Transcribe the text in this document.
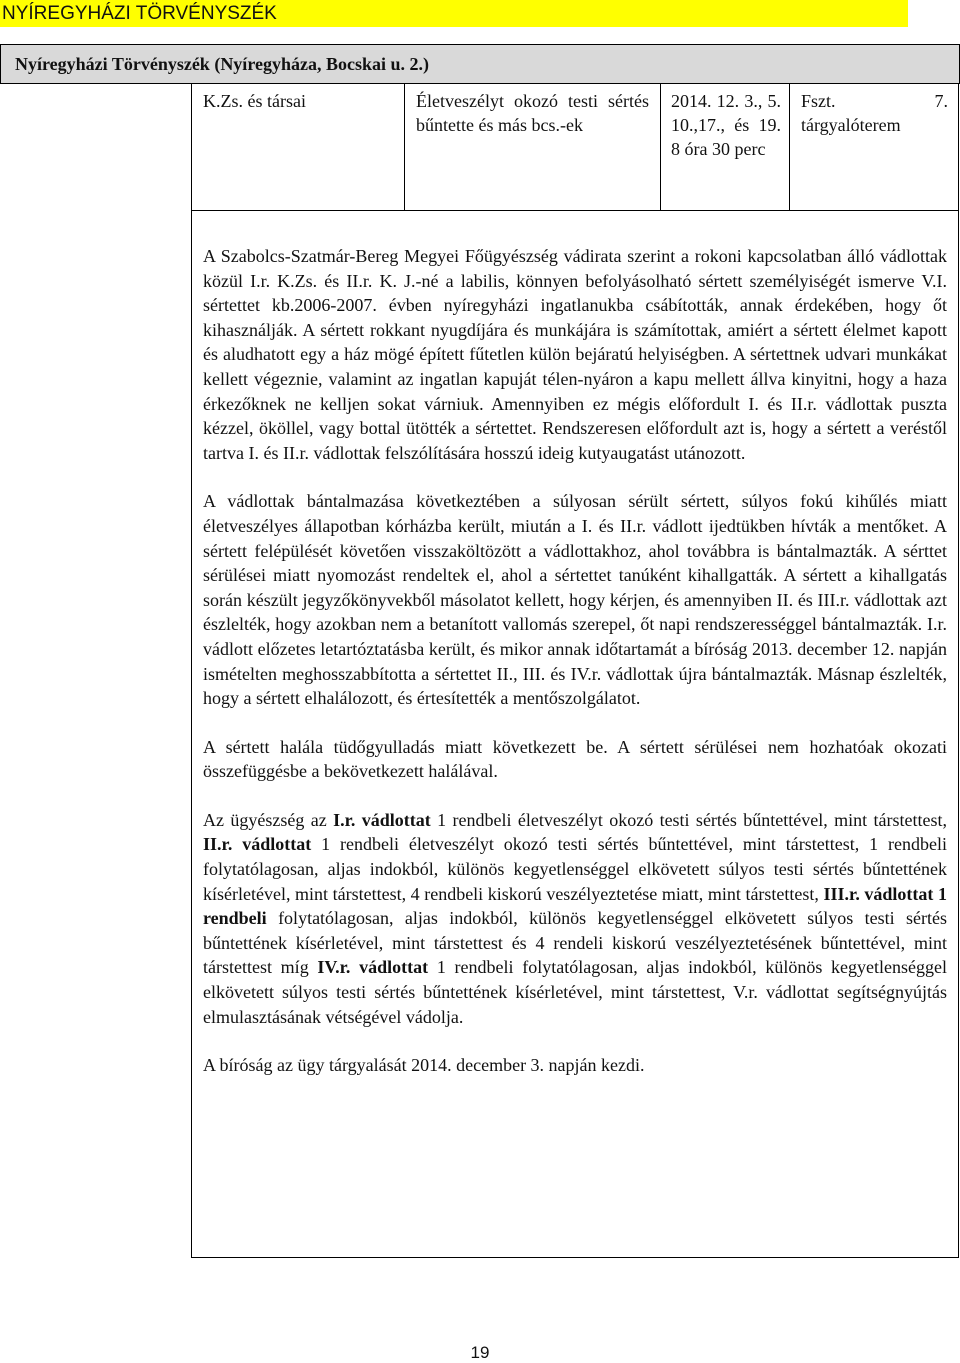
NYÍREGYHÁZI TÖRVÉNYSZÉK
Nyíregyházi Törvényszék (Nyíregyháza, Bocskai u. 2.)
K.Zs. és társai	Életveszélyt okozó testi sértés bűntette és más bcs.-ek
2014. 12. 3., 5. 10.,17., és 19. 8 óra 30 perc
Fszt.	7.
tárgyalóterem

A Szabolcs-Szatmár-Bereg Megyei Főügyészség vádirata szerint a rokoni kapcsolatban álló vádlottak közül I.r. K.Zs. és II.r. K. J.-né a labilis, könnyen befolyásolható sértett személyiségét ismerve V.I. sértettet kb.2006-2007. évben nyíregyházi ingatlanukba csábították, annak érdekében, hogy őt kihasználják. A sértett rokkant nyugdíjára és munkájára is számítottak, amiért a sértett élelmet kapott és aludhatott egy a ház mögé épített fűtetlen külön bejáratú helyiségben. A sértettnek udvari munkákat kellett végeznie, valamint az ingatlan kapuját télen-nyáron a kapu mellett állva kinyitni, hogy a haza érkezőknek ne kelljen sokat várniuk. Amennyiben ez mégis előfordult I. és II.r. vádlottak puszta kézzel, ököllel, vagy bottal ütötték a sértettet. Rendszeresen előfordult azt is, hogy a sértett a veréstől tartva I. és II.r. vádlottak felszólítására hosszú ideig kutyaugatást utánozott.

A vádlottak bántalmazása következtében a súlyosan sérült sértett, súlyos fokú kihűlés miatt életveszélyes állapotban kórházba került, miután a I. és II.r. vádlott ijedtükben hívták a mentőket. A sértett felépülését követően visszaköltözött a vádlottakhoz, ahol továbbra is bántalmazták. A sérttet sérülései miatt nyomozást rendeltek el, ahol a sértettet tanúként kihallgatták. A sértett a kihallgatás során készült jegyzőkönyvekből másolatot kellett, hogy kérjen, és amennyiben II. és III.r. vádlottak azt észlelték, hogy azokban nem a betanított vallomás szerepel, őt napi rendszerességgel bántalmazták. I.r. vádlott előzetes letartóztatásba került, és mikor annak időtartamát a bíróság 2013. december 12. napján ismételten meghosszabbította a sértettet II., III. és IV.r. vádlottak újra bántalmazták. Másnap észlelték, hogy a sértett elhalálozott, és értesítették a mentőszolgálatot.

A sértett halála tüdőgyulladás miatt következett be. A sértett sérülései nem hozhatóak okozati összefüggésbe a bekövetkezett halálával.

Az ügyészség az I.r. vádlottat 1 rendbeli életveszélyt okozó testi sértés bűntettével, mint társtettest, II.r. vádlottat 1 rendbeli életveszélyt okozó testi sértés bűntettével, mint társtettest, 1 rendbeli folytatólagosan, aljas indokból, különös kegyetlenséggel elkövetett súlyos testi sértés bűntettének kísérletével, mint társtettest, 4 rendbeli kiskorú veszélyeztetése miatt, mint társtettest, III.r. vádlottat 1 rendbeli folytatólagosan, aljas indokból, különös kegyetlenséggel elkövetett súlyos testi sértés bűntettének kísérletével, mint társtettest és 4 rendeli kiskorú veszélyeztetésének bűntettével, mint társtettest míg IV.r. vádlottat 1 rendbeli folytatólagosan, aljas indokból, különös kegyetlenséggel elkövetett súlyos testi sértés bűntettének kísérletével, mint társtettest, V.r. vádlottat segítségnyújtás elmulasztásának vétségével vádolja.

A bíróság az ügy tárgyalását 2014. december 3. napján kezdi.

19
